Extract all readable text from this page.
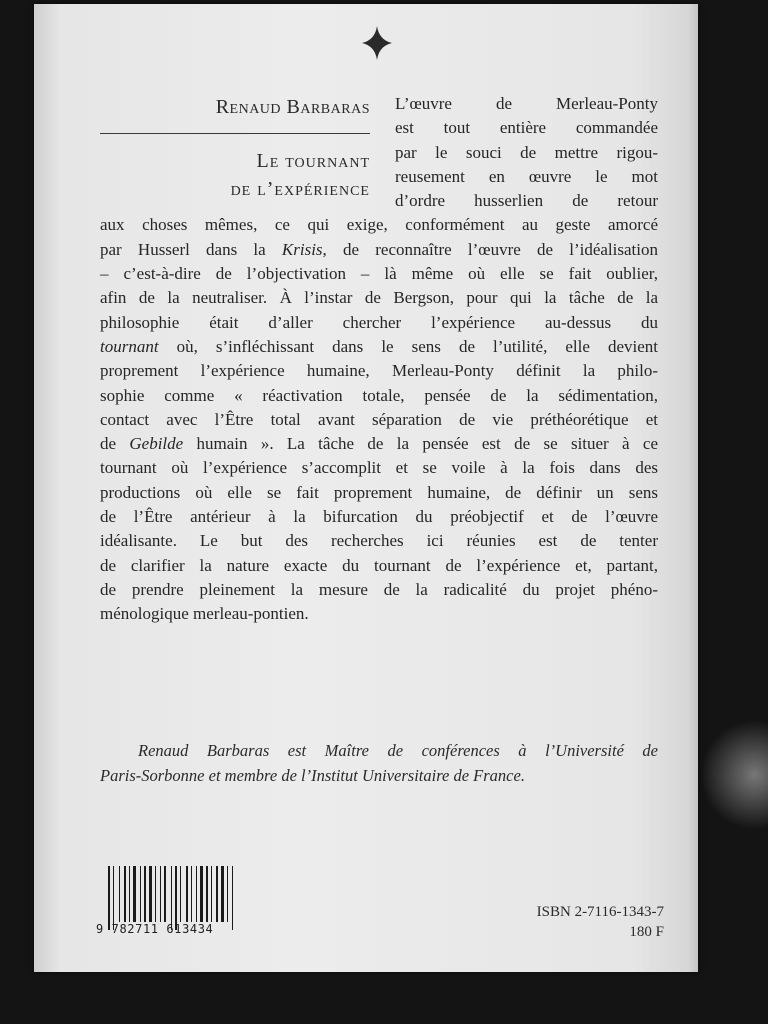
Renaud Barbaras
Le tournant
de l’expérience
L’œuvre de Merleau-Ponty
est tout entière commandée
par le souci de mettre rigou-
reusement en œuvre le mot
d’ordre husserlien de retour
aux choses mêmes, ce qui exige, conformément au geste amorcé
par Husserl dans la Krisis, de reconnaître l’œuvre de l’idéalisation
– c’est-à-dire de l’objectivation – là même où elle se fait oublier,
afin de la neutraliser. À l’instar de Bergson, pour qui la tâche de la
philosophie était d’aller chercher l’expérience au-dessus du
tournant où, s’infléchissant dans le sens de l’utilité, elle devient
proprement l’expérience humaine, Merleau-Ponty définit la philo-
sophie comme « réactivation totale, pensée de la sédimentation,
contact avec l’Être total avant séparation de vie préthéorétique et
de Gebilde humain ». La tâche de la pensée est de se situer à ce
tournant où l’expérience s’accomplit et se voile à la fois dans des
productions où elle se fait proprement humaine, de définir un sens
de l’Être antérieur à la bifurcation du préobjectif et de l’œuvre
idéalisante. Le but des recherches ici réunies est de tenter
de clarifier la nature exacte du tournant de l’expérience et, partant,
de prendre pleinement la mesure de la radicalité du projet phéno-
ménologique merleau-pontien.
Renaud Barbaras est Maître de conférences à l’Université de
Paris-Sorbonne et membre de l’Institut Universitaire de France.
9 782711 613434
ISBN 2-7116-1343-7
180 F
